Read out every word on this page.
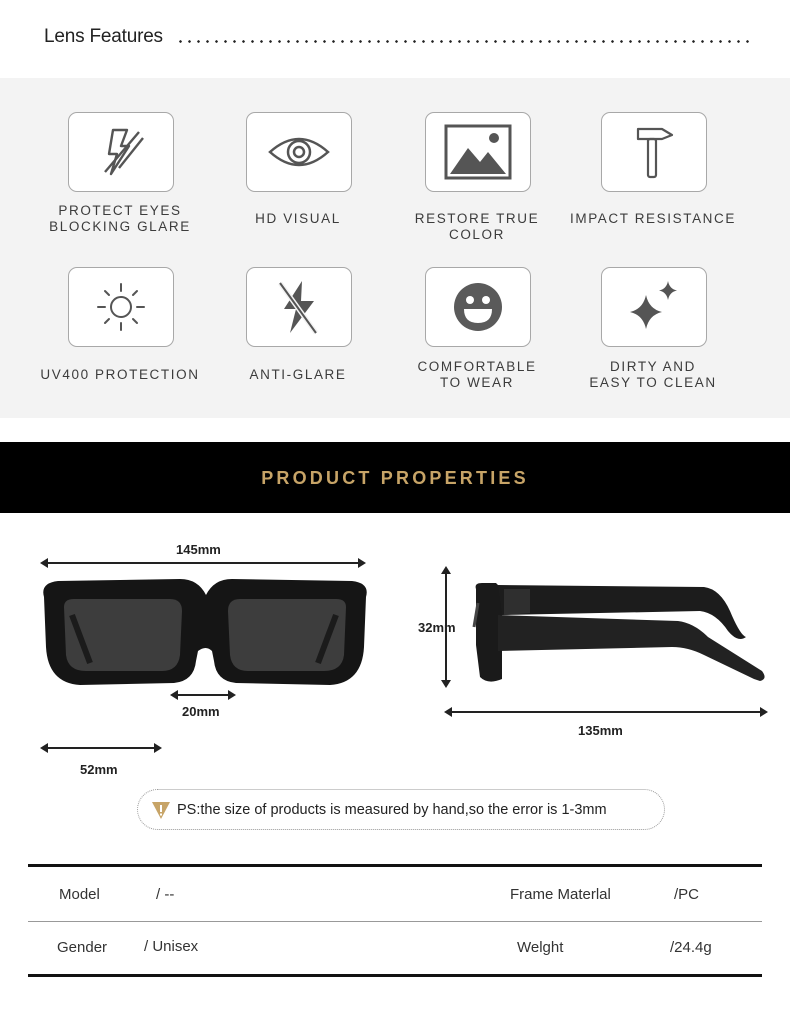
Lens Features
PROTECT EYES
BLOCKING GLARE
HD VISUAL	RESTORE TRUE COLOR
IMPACT RESISTANCE
UV400 PROTECTION	ANTI-GLARE
COMFORTABLE
TO WEAR
DIRTY AND
EASY TO CLEAN
PRODUCT PROPERTIES
145mm
20mm
52mm
32mm
135mm
PS:the size of products is measured by hand,so the error is 1-3mm
Model	/ --	Frame Materlal	/PC
Gender / Unisex	Welght	/24.4g
